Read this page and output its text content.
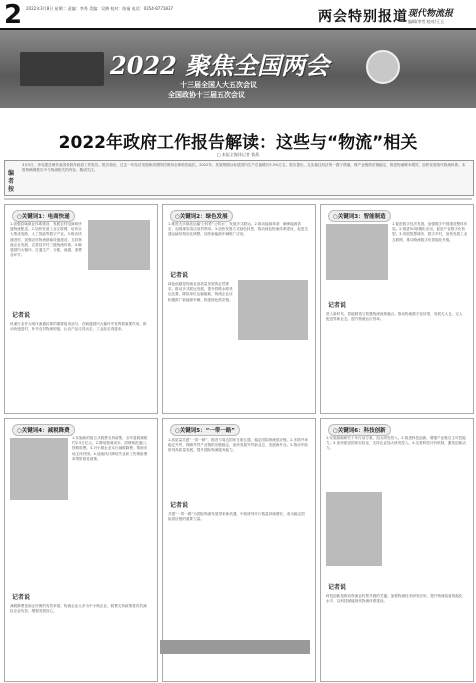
2 2022年3月8日 星期二 责编：李秀 美编：吴梅 校对：陈福 电话：0354-8771837
两会特别报道 现代物流报
编辑/李雪 校对/王玉
2022 聚焦全国两会
十三届全国人大五次会议
全国政协十三届五次会议
2022年政府工作报告解读：这些与“物流”相关
□ 本报全媒体记者 鲁燕
编者按
3月5日，李克强总理代表国务院作政府工作报告。报告指出，过去一年经济发展和疫情防控保持全球领先地位。2022年，发展预期目标是国内生产总值增长5.5%左右。报告提出，扎实稳住经济的一揽子措施，保产业链供应链稳定，推进物流降本增效，加快发展现代物流体系。本报特梳理报告中与物流相关的内容，敬请关注。
○关键词1：电商快递
1.加强县域商业体系建设，发展农村电商和快递物流配送。2.加快发展工业互联网，培育壮大集成电路、人工智能等数字产业。3.推动快递进村，加强农村物流基础设施建设，支持物流企业发展，完善县乡村三级物流体系。4.畅通国内大循环，打通生产、分配、流通、消费各环节。
记者说
快递行业作为现代流通体系的重要组成部分，在畅通国内大循环中发挥着重要作用。推动快递进村，补齐农村物流短板，让农产品走得出去，工业品走得进来。
○关键词2：绿色发展
1.推进大宗商品运输'公转铁''公转水'，发展多式联运。2.推动能源革命，确保能源供应，加强煤炭清洁高效利用。3.加快发展方式绿色转型，推动绿色物流体系建设，促进交通运输结构优化调整，加快新能源车辆推广应用。
记者说
绿色低碳是物流业高质量发展的必然要求。推动多式联运发展，提升铁路水路货运比重，降低单位运输能耗，物流企业应积极推广新能源车辆，构建绿色供应链。
○关键词3：智能制造
1.促进数字经济发展，加强数字中国建设整体布局。2.推进5G规模化应用，促进产业数字化转型。3.发展智慧城市、数字乡村，加快发展工业互联网，推动物流数字化智能化升级。
记者说
进入新时代，智能制造与智慧物流深度融合。推动物流数字化转型，发展无人仓、无人配送等新业态，提升物流运行效率。
○关键词4：减税降费
1.实施新的组合式税费支持政策，全年退税减税约2.5万亿元。2.降低物流成本，清理规范港口、铁路收费。3.对小微企业实行减税降费，帮助市场主体纾困。4.延续执行降低失业和工伤保险费率等阶段性政策。
记者说
减税降费是助企纾困的有效举措。物流企业大多为中小微企业，税费支持政策将有效减轻企业负担，增强发展信心。
○关键词5：“一带一路”
1.高质量共建“一带一路”，推进与周边国家互联互通，稳定国际物流供应链。2.多措并举稳定外贸，保障外贸产业链供应链稳定，加快发展外贸新业态，发展海外仓。3.推动中欧班列高质量发展，提升国际物流服务能力。
记者说
共建“一带一路”为国际物流发展带来新机遇，中欧班列开行数量持续增长，成为稳定国际供应链的重要力量。
○关键词6：科技创新
1.实施基础研究十年行动方案，加大研发投入。2.推进科技创新，增强产业链自主可控能力。3.加快建设国家实验室，支持企业加大研发投入。4.完善科技评价机制，激发创新活力。
记者说
科技创新是推动物流业转型升级的关键。加强物流技术研发应用，提升物流装备智能化水平，以科技赋能现代物流体系建设。
